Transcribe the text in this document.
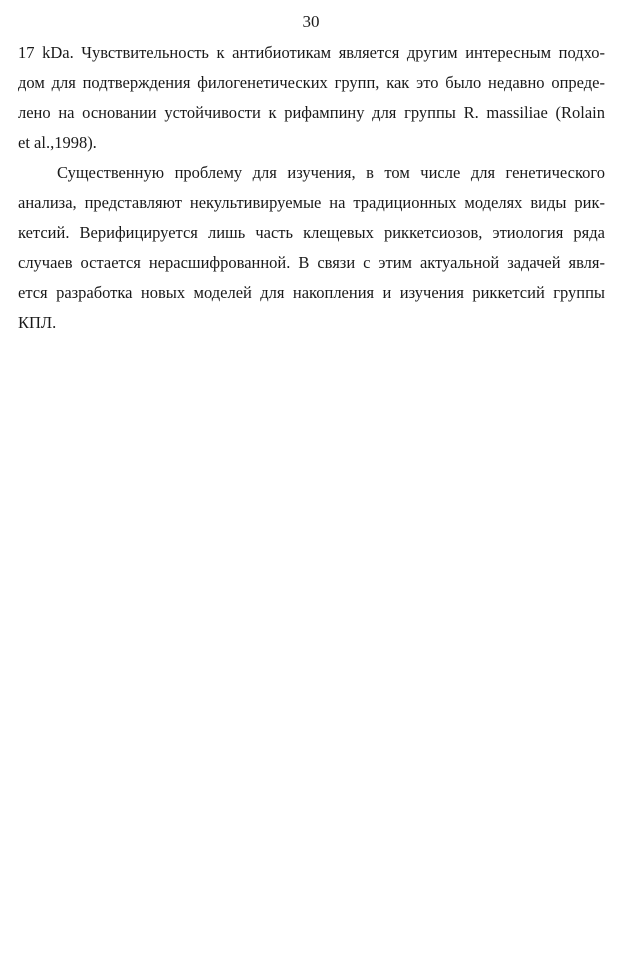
30
17 kDa. Чувствительность к антибиотикам является другим интересным подхо-
дом для подтверждения филогенетических групп, как это было недавно опреде-
лено на основании устойчивости к рифампину для группы R. massiliae (Rolain
et al.,1998).
Существенную проблему для изучения, в том числе для генетического
анализа, представляют некультивируемые на традиционных моделях виды рик-
кетсий. Верифицируется лишь часть клещевых риккетсиозов, этиология ряда
случаев остается нерасшифрованной. В связи с этим актуальной задачей явля-
ется разработка новых моделей для накопления и изучения риккетсий группы
КПЛ.
